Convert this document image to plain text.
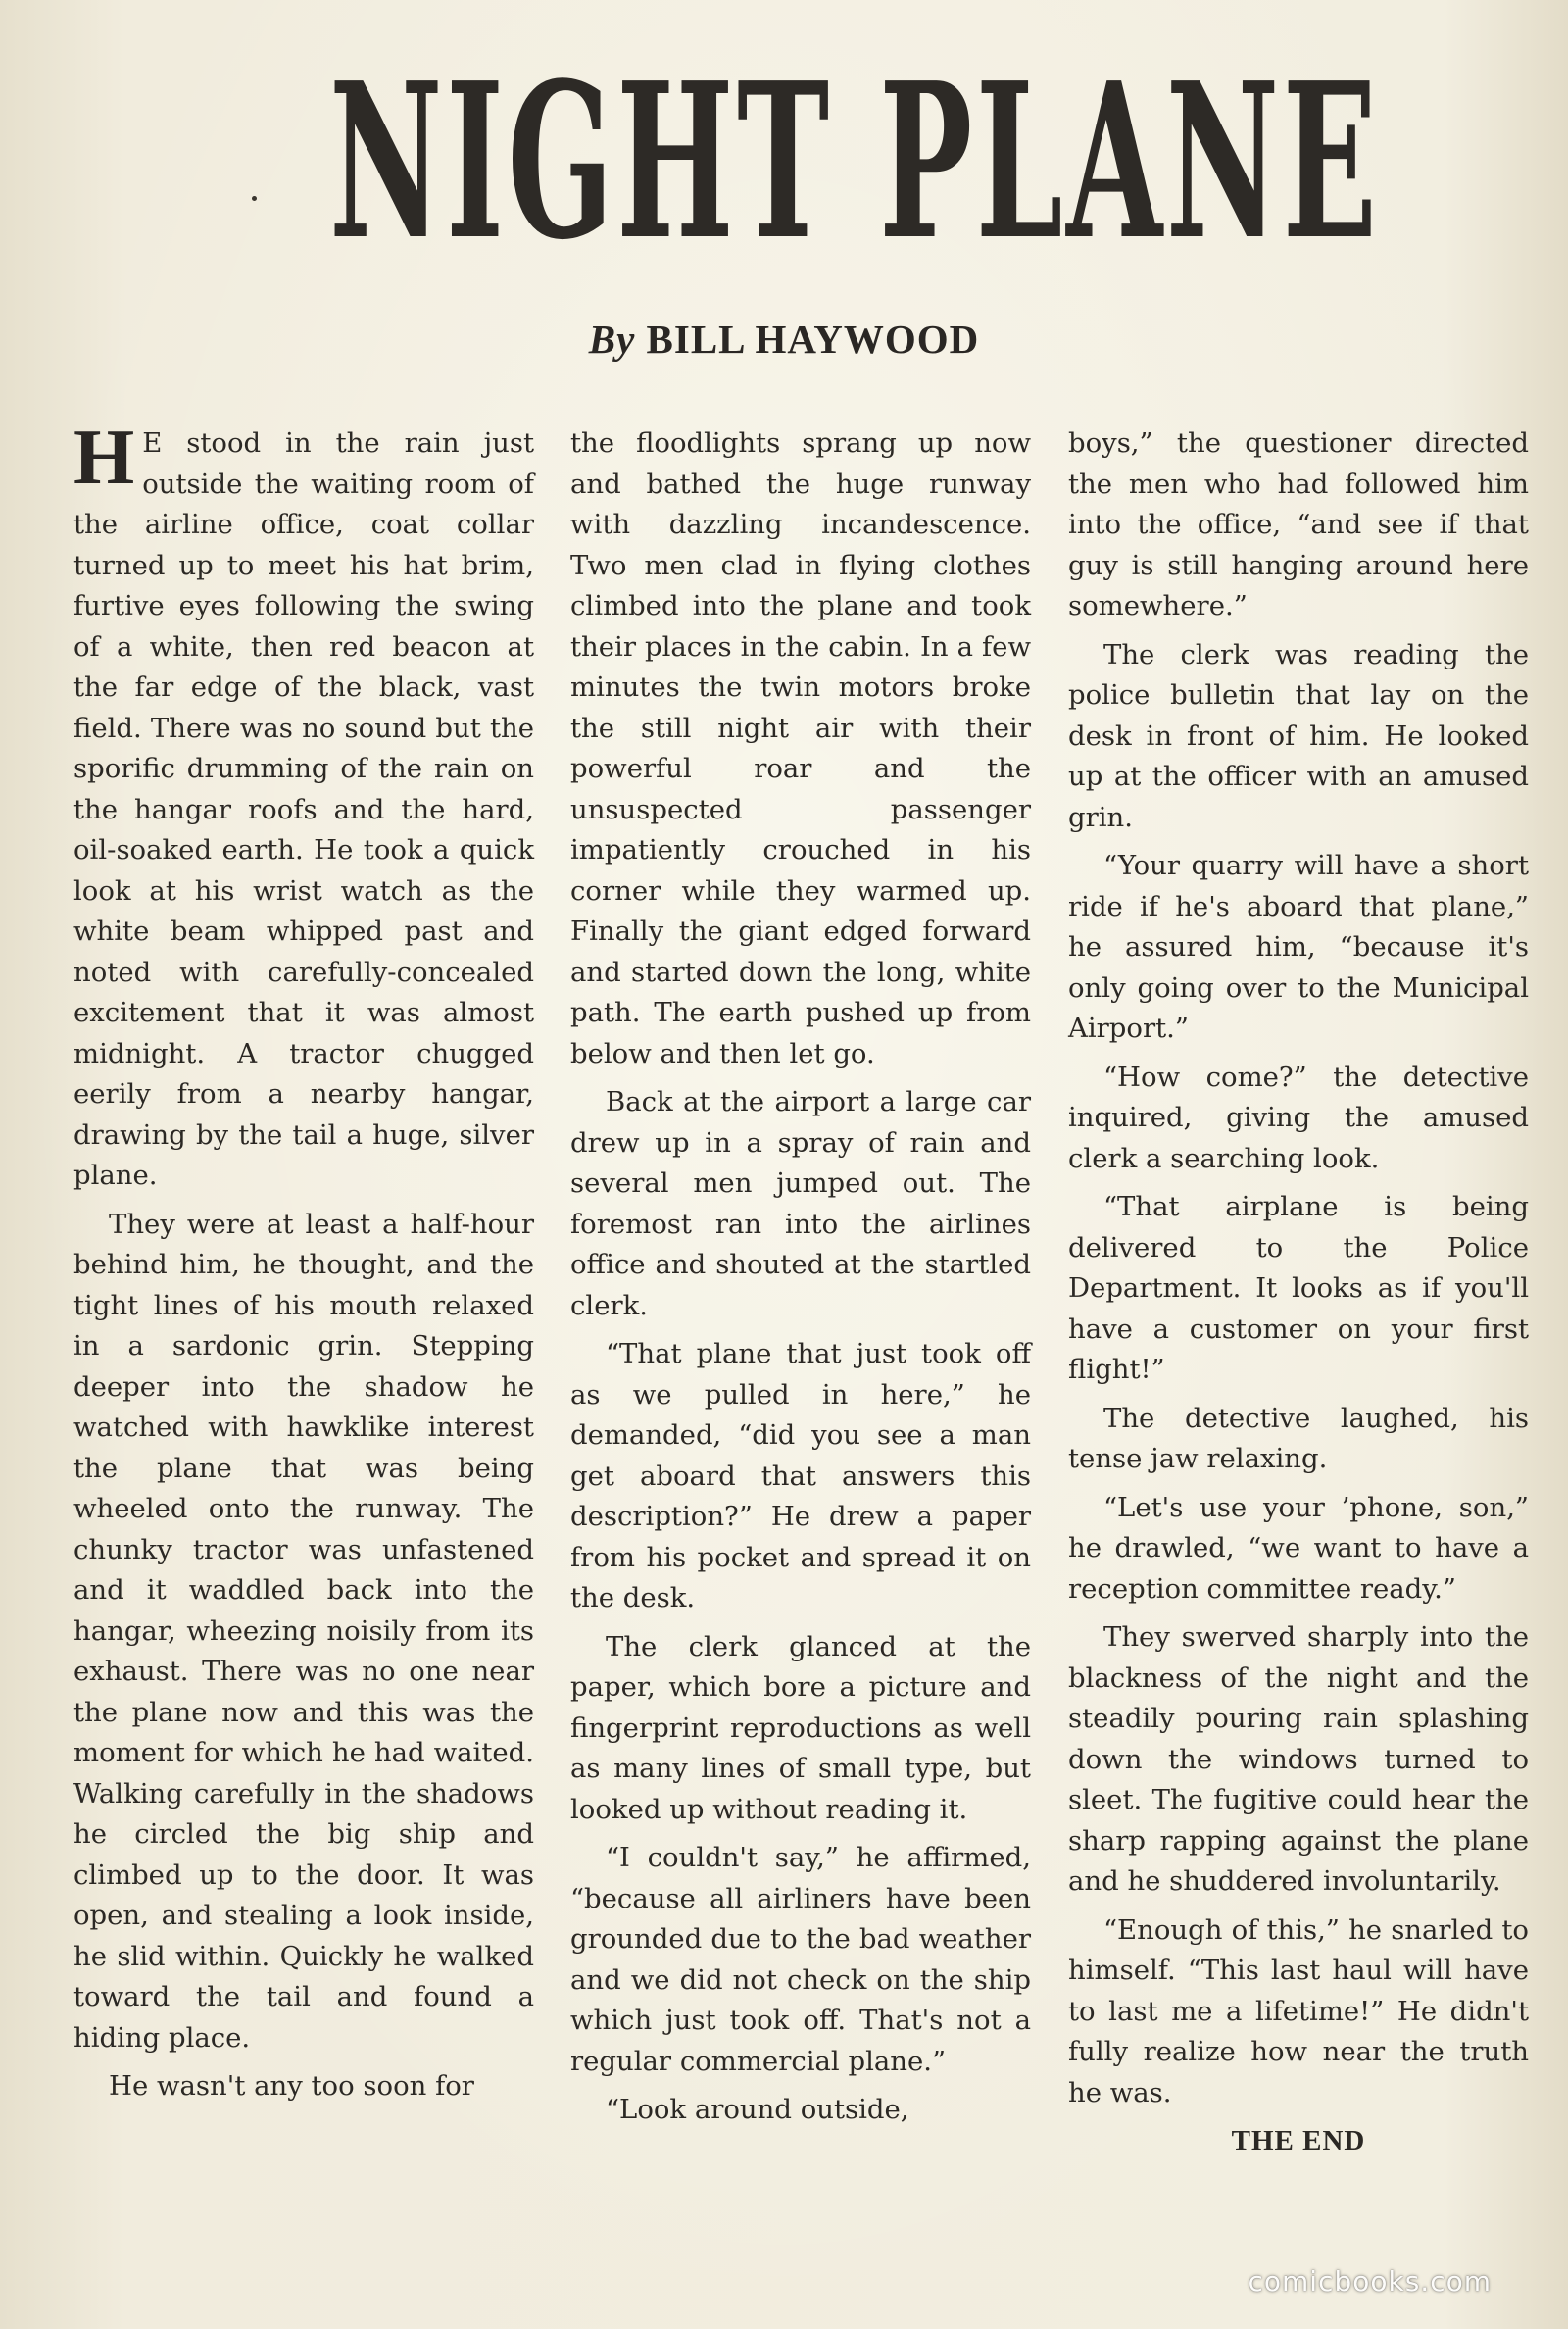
NIGHT PLANE
By BILL HAYWOOD

H E stood in the rain just outside the waiting room of the airline office, coat collar turned up to meet his hat brim, furtive eyes following the swing of a white, then red beacon at the far edge of the black, vast field. There was no sound but the sporific drumming of the rain on the hangar roofs and the hard, oil-soaked earth. He took a quick look at his wrist watch as the white beam whipped past and noted with carefully-concealed excitement that it was almost midnight. A tractor chugged eerily from a nearby hangar, drawing by the tail a huge, silver plane.

They were at least a half-hour behind him, he thought, and the tight lines of his mouth relaxed in a sardonic grin. Stepping deeper into the shadow he watched with hawklike interest the plane that was being wheeled onto the runway. The chunky tractor was unfastened and it waddled back into the hangar, wheezing noisily from its exhaust. There was no one near the plane now and this was the moment for which he had waited. Walking carefully in the shadows he circled the big ship and climbed up to the door. It was open, and stealing a look inside, he slid within. Quickly he walked toward the tail and found a hiding place.

He wasn't any too soon for

the floodlights sprang up now and bathed the huge runway with dazzling incandescence. Two men clad in flying clothes climbed into the plane and took their places in the cabin. In a few minutes the twin motors broke the still night air with their powerful roar and the unsuspected passenger impatiently crouched in his corner while they warmed up. Finally the giant edged forward and started down the long, white path. The earth pushed up from below and then let go.

Back at the airport a large car drew up in a spray of rain and several men jumped out. The foremost ran into the airlines office and shouted at the startled clerk.

“That plane that just took off as we pulled in here,” he demanded, “did you see a man get aboard that answers this description?” He drew a paper from his pocket and spread it on the desk.

The clerk glanced at the paper, which bore a picture and fingerprint reproductions as well as many lines of small type, but looked up without reading it.

“I couldn't say,” he affirmed, “because all airliners have been grounded due to the bad weather and we did not check on the ship which just took off. That's not a regular commercial plane.”

“Look around outside,

boys,” the questioner directed the men who had followed him into the office, “and see if that guy is still hanging around here somewhere.”

The clerk was reading the police bulletin that lay on the desk in front of him. He looked up at the officer with an amused grin.

“Your quarry will have a short ride if he's aboard that plane,” he assured him, “because it's only going over to the Municipal Airport.”

“How come?” the detective inquired, giving the amused clerk a searching look.

“That airplane is being delivered to the Police Department. It looks as if you'll have a customer on your first flight!”

The detective laughed, his tense jaw relaxing.

“Let's use your ’phone, son,” he drawled, “we want to have a reception committee ready.”

They swerved sharply into the blackness of the night and the steadily pouring rain splashing down the windows turned to sleet. The fugitive could hear the sharp rapping against the plane and he shuddered involuntarily.

“Enough of this,” he snarled to himself. “This last haul will have to last me a lifetime!” He didn't fully realize how near the truth he was.

THE END
comicbooks.com
